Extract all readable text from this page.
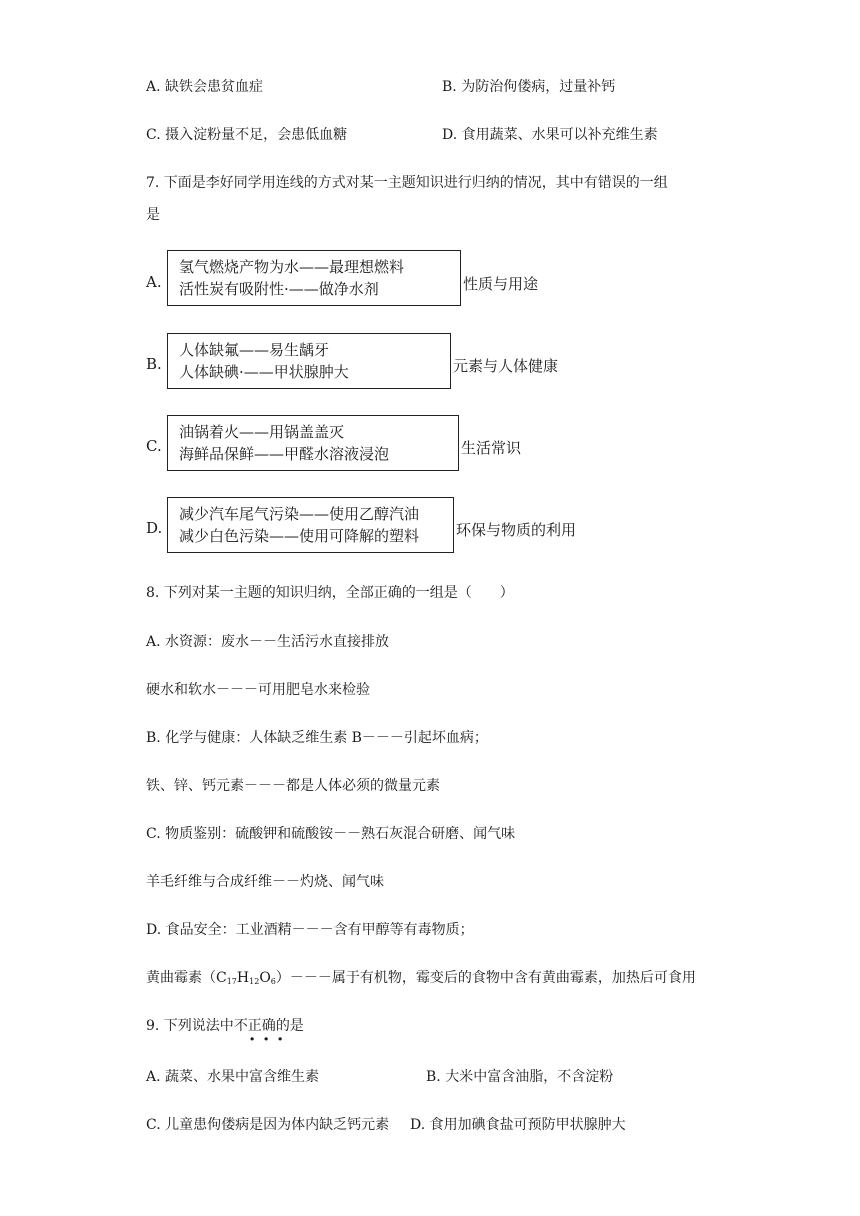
A. 缺铁会患贫血症	B. 为防治佝偻病，过量补钙
C. 摄入淀粉量不足，会患低血糖	D. 食用蔬菜、水果可以补充维生素
7. 下面是李好同学用连线的方式对某一主题知识进行归纳的情况，其中有错误的一组
是
A.
氢气燃烧产物为水——最理想燃料
活性炭有吸附性·——做净水剂	性质与用途
B.
人体缺氟——易生龋牙
人体缺碘·——甲状腺肿大	元素与人体健康
C.
油锅着火——用锅盖盖灭
海鲜品保鲜——甲醛水溶液浸泡	生活常识
D.
减少汽车尾气污染——使用乙醇汽油
减少白色污染——使用可降解的塑料	环保与物质的利用
8. 下列对某一主题的知识归纳，全部正确的一组是（　　）
A. 水资源：废水－－生活污水直接排放
硬水和软水－－－可用肥皂水来检验
B. 化学与健康：人体缺乏维生素 B－－－引起坏血病；
铁、锌、钙元素－－－都是人体必须的微量元素
C. 物质鉴别：硫酸钾和硫酸铵－－熟石灰混合研磨、闻气味
羊毛纤维与合成纤维－－灼烧、闻气味
D. 食品安全：工业酒精－－－含有甲醇等有毒物质；
黄曲霉素$(C_{17}H_{12}O_6)---$属于有机物，霉变后的食物中含有黄曲霉素，加热后可食用
9. 下列说法中不正确的是
· · ·
A. 蔬菜、水果中富含维生素	B. 大米中富含油脂，不含淀粉
C. 儿童患佝偻病是因为体内缺乏钙元素 D. 食用加碘食盐可预防甲状腺肿大
